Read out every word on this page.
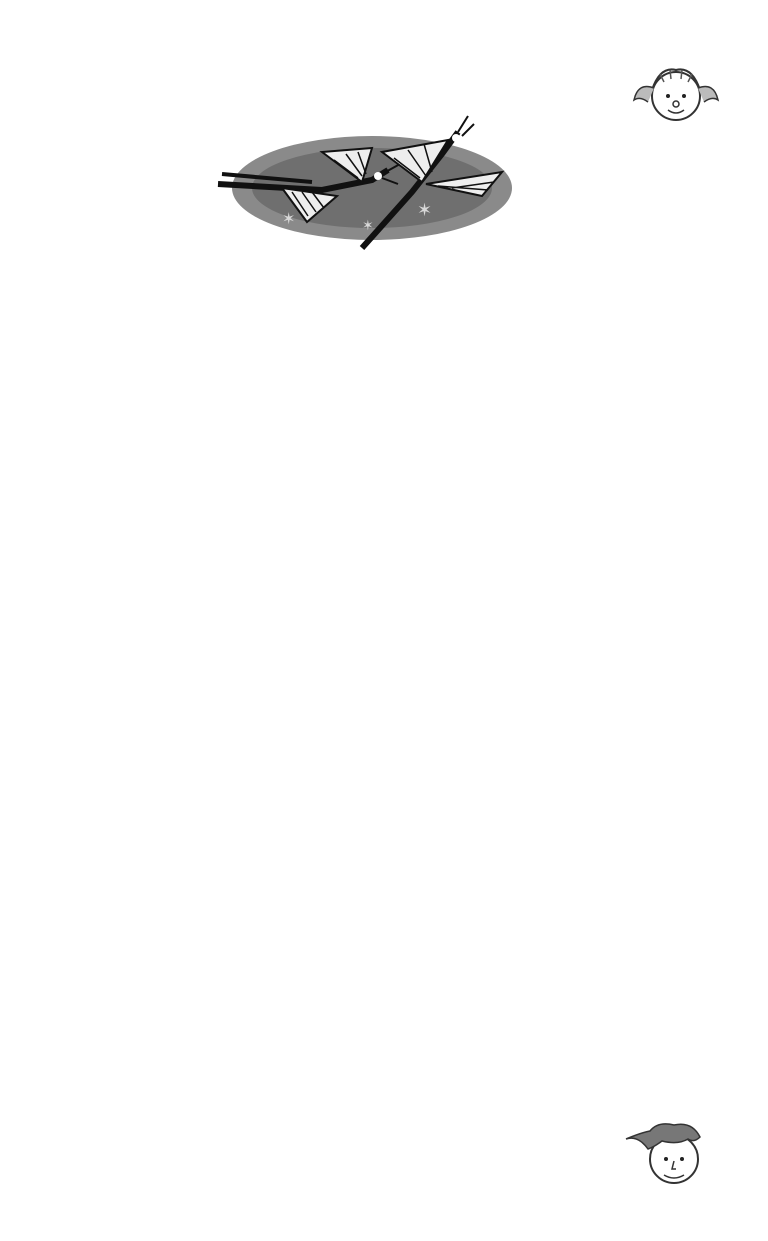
✶	✶
✶
